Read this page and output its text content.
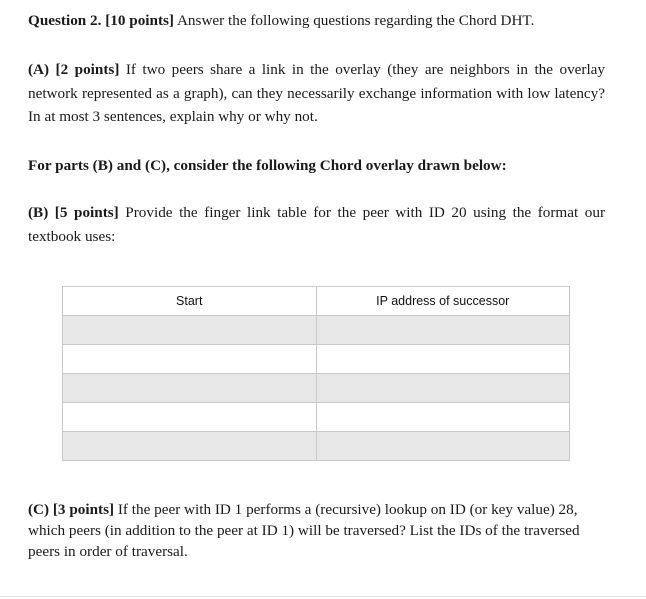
Question 2. [10 points] Answer the following questions regarding the Chord DHT.

(A) [2 points] If two peers share a link in the overlay (they are neighbors in the overlay network represented as a graph), can they necessarily exchange information with low latency? In at most 3 sentences, explain why or why not.

For parts (B) and (C), consider the following Chord overlay drawn below:

(B) [5 points] Provide the finger link table for the peer with ID 20 using the format our textbook uses:

Start	IP address of successor

(C) [3 points] If the peer with ID 1 performs a (recursive) lookup on ID (or key value) 28, which peers (in addition to the peer at ID 1) will be traversed? List the IDs of the traversed peers in order of traversal.
